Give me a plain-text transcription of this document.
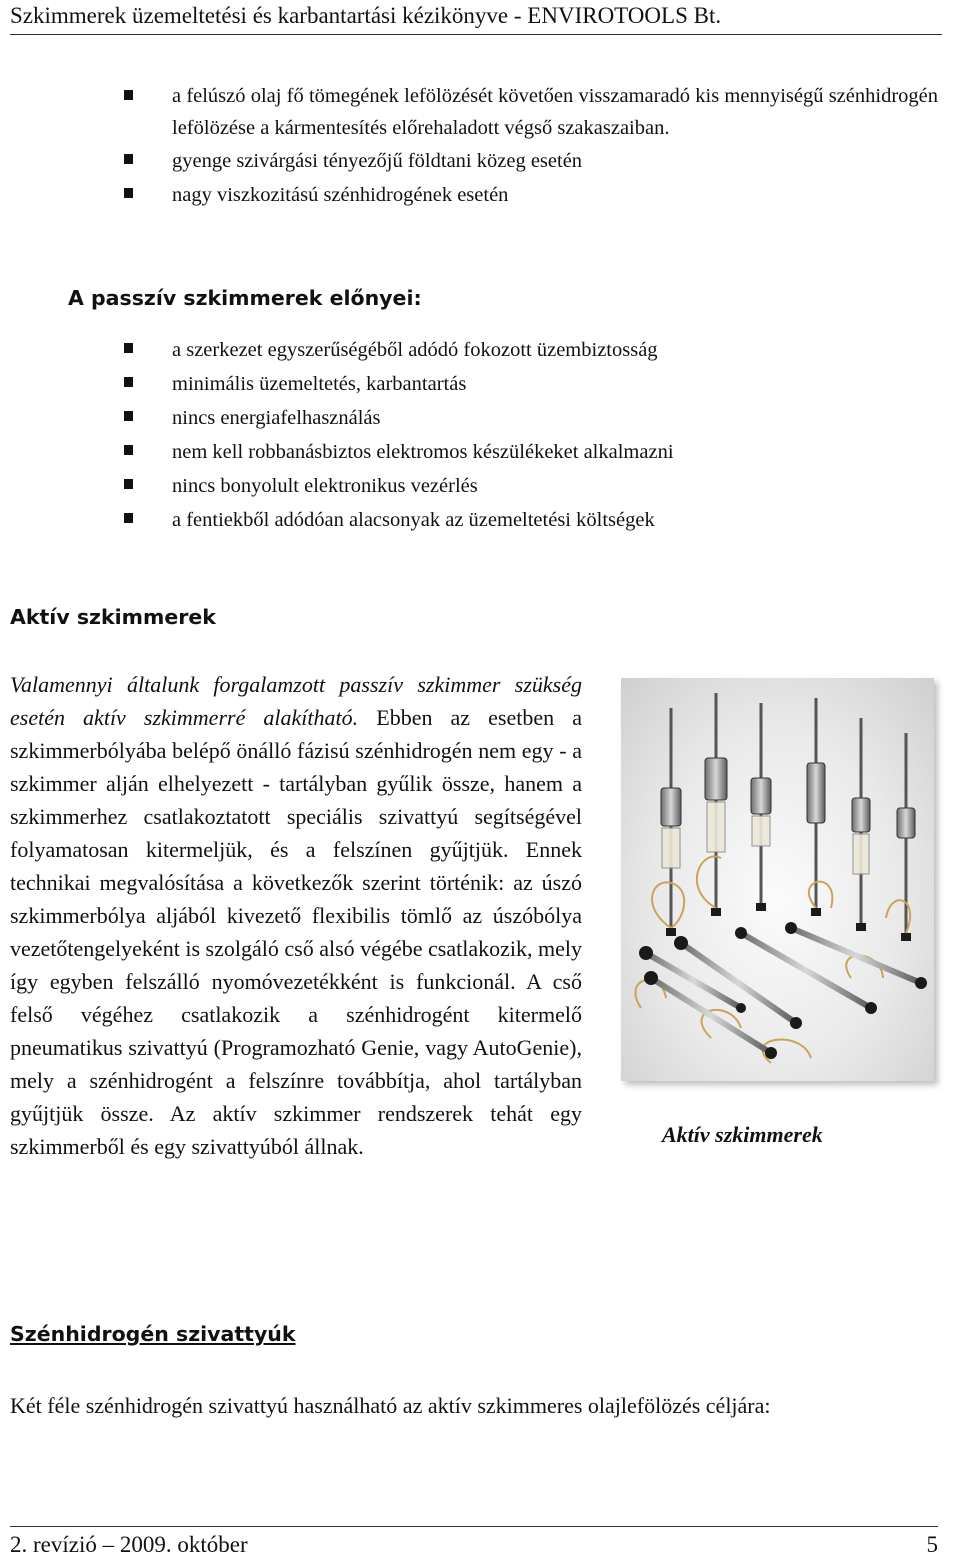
Szkimmerek üzemeltetési és karbantartási kézikönyve - ENVIROTOOLS Bt.
a felúszó olaj fő tömegének lefölözését követően visszamaradó kis mennyiségű szénhidrogén lefölözése a kármentesítés előrehaladott végső szakaszaiban.
gyenge szivárgási tényezőjű földtani közeg esetén
nagy viszkozitású szénhidrogének esetén
A passzív szkimmerek előnyei:
a szerkezet egyszerűségéből adódó fokozott üzembiztosság
minimális üzemeltetés, karbantartás
nincs energiafelhasználás
nem kell robbanásbiztos elektromos készülékeket alkalmazni
nincs bonyolult elektronikus vezérlés
a fentiekből adódóan alacsonyak az üzemeltetési költségek
Aktív szkimmerek

Aktív szkimmerek
Valamennyi általunk forgalamzott passzív szkimmer szükség esetén aktív szkimmerré alakítható. Ebben az esetben a szkimmerbólyába belépő önálló fázisú szénhidrogén nem egy - a szkimmer alján elhelyezett - tartályban gyűlik össze, hanem a szkimmerhez csatlakoztatott speciális szivattyú segítségével folyamatosan kitermeljük, és a felszínen gyűjtjük. Ennek technikai megvalósítása a következők szerint történik: az úszó szkimmerbólya aljából kivezető flexibilis tömlő az úszóbólya vezetőtengelyeként is szolgáló cső alsó végébe csatlakozik, mely így egyben felszálló nyomóvezetékként is funkcionál. A cső felső végéhez csatlakozik a szénhidrogént kitermelő pneumatikus szivattyú (Programozható Genie, vagy AutoGenie), mely a szénhidrogént a felszínre továbbítja, ahol tartályban gyűjtjük össze. Az aktív szkimmer rendszerek tehát egy szkimmerből és egy szivattyúból állnak.

Szénhidrogén szivattyúk

Két féle szénhidrogén szivattyú használható az aktív szkimmeres olajlefölözés céljára:

2. revízió – 2009. október	5
